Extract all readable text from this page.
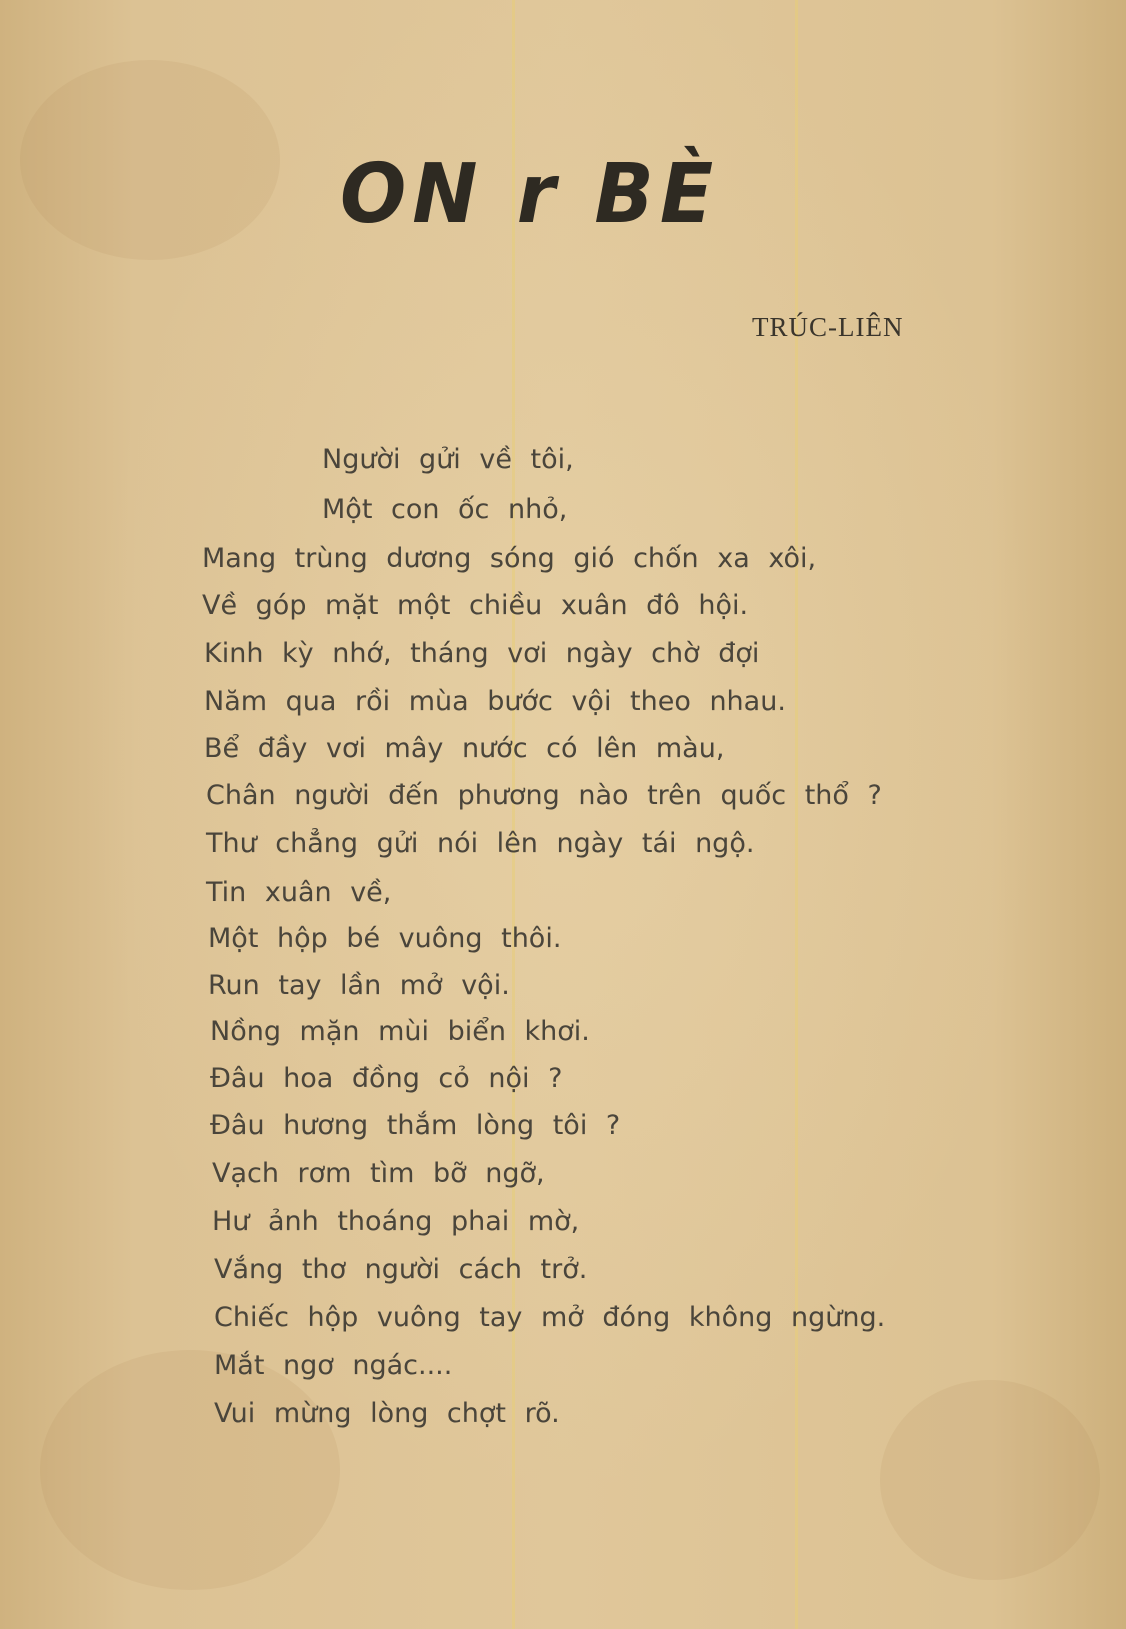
ON r BÈ
TRÚC-LIÊN
Người gửi về tôi,
Một con ốc nhỏ,
Mang trùng dương sóng gió chốn xa xôi,
Về góp mặt một chiều xuân đô hội.
Kinh kỳ nhớ, tháng vơi ngày chờ đợi
Năm qua rồi mùa bước vội theo nhau.
Bể đầy vơi mây nước có lên màu,
Chân người đến phương nào trên quốc thổ ?
Thư chẳng gửi nói lên ngày tái ngộ.
Tin xuân về,
Một hộp bé vuông thôi.
Run tay lần mở vội.
Nồng mặn mùi biển khơi.
Đâu hoa đồng cỏ nội ?
Đâu hương thắm lòng tôi ?
Vạch rơm tìm bỡ ngỡ,
Hư ảnh thoáng phai mờ,
Vắng thơ người cách trở.
Chiếc hộp vuông tay mở đóng không ngừng.
Mắt ngơ ngác....
Vui mừng lòng chợt rõ.
